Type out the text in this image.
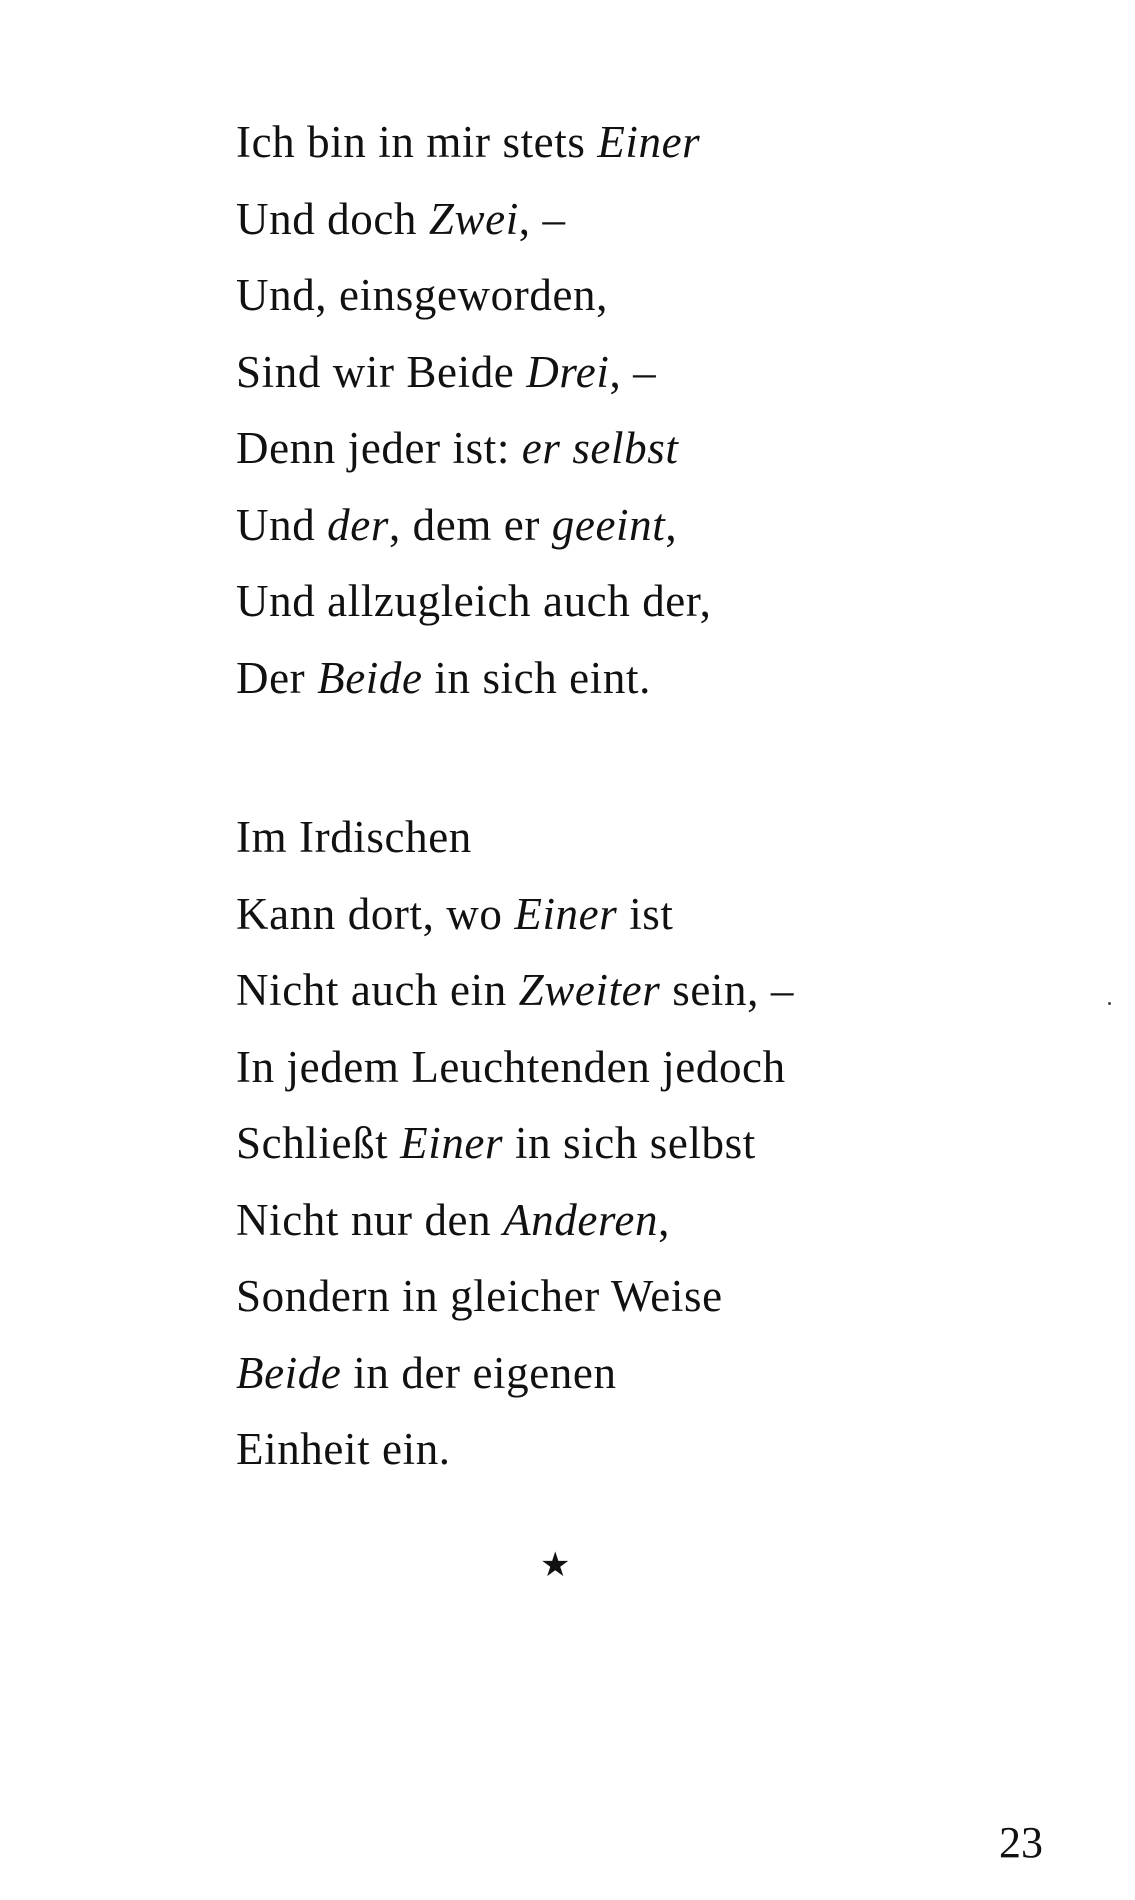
Ich bin in mir stets Einer
Und doch Zwei, –
Und, einsgeworden,
Sind wir Beide Drei, –
Denn jeder ist: er selbst
Und der, dem er geeint,
Und allzugleich auch der,
Der Beide in sich eint.
Im Irdischen
Kann dort, wo Einer ist
Nicht auch ein Zweiter sein, –
In jedem Leuchtenden jedoch
Schließt Einer in sich selbst
Nicht nur den Anderen,
Sondern in gleicher Weise
Beide in der eigenen
Einheit ein.
★
23
